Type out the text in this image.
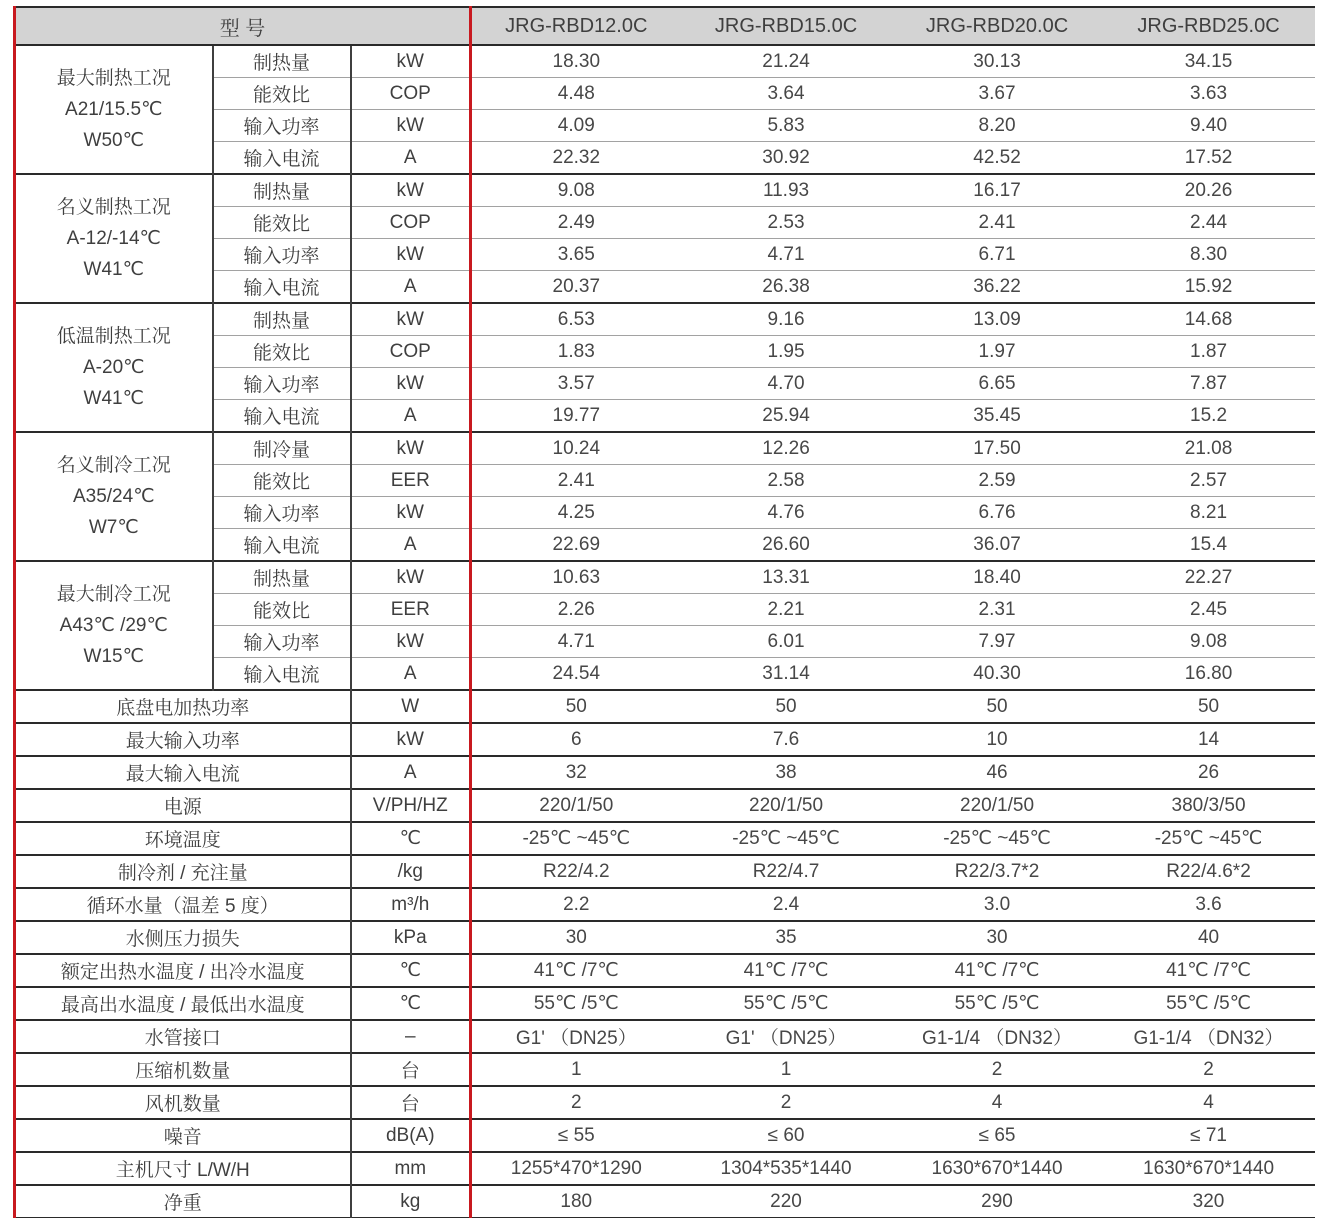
型 号			JRG-RBD12.0C	JRG-RBD15.0C	JRG-RBD20.0C	JRG-RBD25.0C

最大制热工况
A21/15.5℃
W50℃	制热量	kW	18.30	21.24	30.13	34.15
	能效比	COP	4.48	3.64	3.67	3.63
	输入功率	kW	4.09	5.83	8.20	9.40
	输入电流	A	22.32	30.92	42.52	17.52

名义制热工况
A-12/-14℃
W41℃	制热量	kW	9.08	11.93	16.17	20.26
	能效比	COP	2.49	2.53	2.41	2.44
	输入功率	kW	3.65	4.71	6.71	8.30
	输入电流	A	20.37	26.38	36.22	15.92

低温制热工况
A-20℃
W41℃	制热量	kW	6.53	9.16	13.09	14.68
	能效比	COP	1.83	1.95	1.97	1.87
	输入功率	kW	3.57	4.70	6.65	7.87
	输入电流	A	19.77	25.94	35.45	15.2

名义制冷工况
A35/24℃
W7℃	制冷量	kW	10.24	12.26	17.50	21.08
	能效比	EER	2.41	2.58	2.59	2.57
	输入功率	kW	4.25	4.76	6.76	8.21
	输入电流	A	22.69	26.60	36.07	15.4

最大制冷工况
A43℃ /29℃
W15℃	制热量	kW	10.63	13.31	18.40	22.27
	能效比	EER	2.26	2.21	2.31	2.45
	输入功率	kW	4.71	6.01	7.97	9.08
	输入电流	A	24.54	31.14	40.30	16.80
底盘电加热功率		W	50	50	50	50
最大输入功率		kW	6	7.6	10	14
最大输入电流		A	32	38	46	26
电源		V/PH/HZ	220/1/50	220/1/50	220/1/50	380/3/50
环境温度		℃	-25℃ ~45℃	-25℃ ~45℃	-25℃ ~45℃	-25℃ ~45℃
制冷剂 / 充注量		/kg	R22/4.2	R22/4.7	R22/3.7*2	R22/4.6*2
循环水量（温差 5 度）		m³/h	2.2	2.4	3.0	3.6
水侧压力损失		kPa	30	35	30	40
额定出热水温度 / 出冷水温度		℃	41℃ /7℃	41℃ /7℃	41℃ /7℃	41℃ /7℃
最高出水温度 / 最低出水温度		℃	55℃ /5℃	55℃ /5℃	55℃ /5℃	55℃ /5℃
水管接口		–	G1' （DN25）	G1' （DN25）	G1-1/4 （DN32）	G1-1/4 （DN32）
压缩机数量		台	1	1	2	2
风机数量		台	2	2	4	4
噪音		dB(A)	≤ 55	≤ 60	≤ 65	≤ 71
主机尺寸 L/W/H		mm	1255*470*1290	1304*535*1440	1630*670*1440	1630*670*1440
净重		kg	180	220	290	320
